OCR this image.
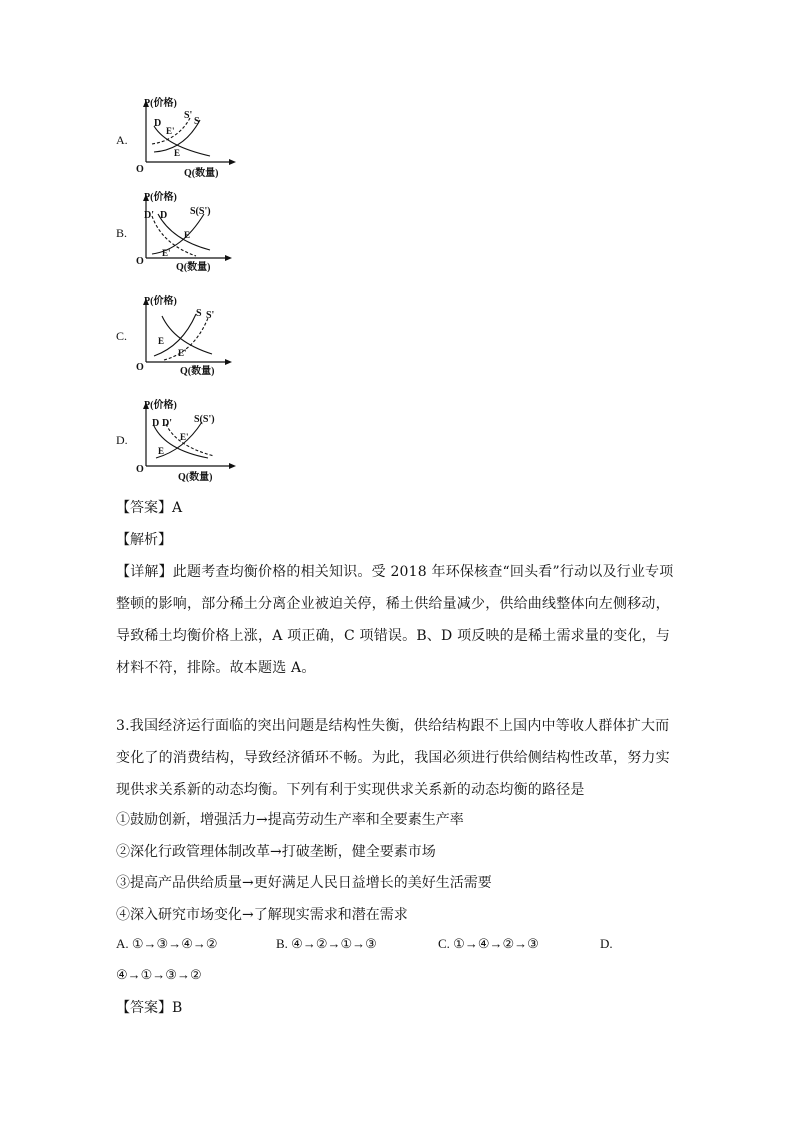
A.
P(价格)
O	Q(数量)
D
E'
S'
S
E
B.
P(价格)
O
Q(数量)
D' D S(S')
E
E'
C.
P(价格)
O	Q(数量)
S S'
E
E'
D.
P(价格)
O
Q(数量)
D D' S(S')
E'
E
【答案】A
【解析】
【详解】此题考查均衡价格的相关知识。受 2018 年环保核查“回头看”行动以及行业专项整顿的影响，部分稀土分离企业被迫关停，稀土供给量减少，供给曲线整体向左侧移动，导致稀土均衡价格上涨，A 项正确，C 项错误。B、D 项反映的是稀土需求量的变化，与材料不符，排除。故本题选 A。
3.我国经济运行面临的突出问题是结构性失衡，供给结构跟不上国内中等收人群体扩大而变化了的消费结构，导致经济循环不畅。为此，我国必须进行供给侧结构性改革，努力实现供求关系新的动态均衡。下列有利于实现供求关系新的动态均衡的路径是
①鼓励创新，增强活力→提高劳动生产率和全要素生产率
②深化行政管理体制改革→打破垄断，健全要素市场
③提高产品供给质量→更好满足人民日益增长的美好生活需要
④深入研究市场变化→了解现实需求和潜在需求
A. ①→③→④→②	B. ④→②→①→③	C. ①→④→②→③	D.
④→①→③→②
【答案】B
